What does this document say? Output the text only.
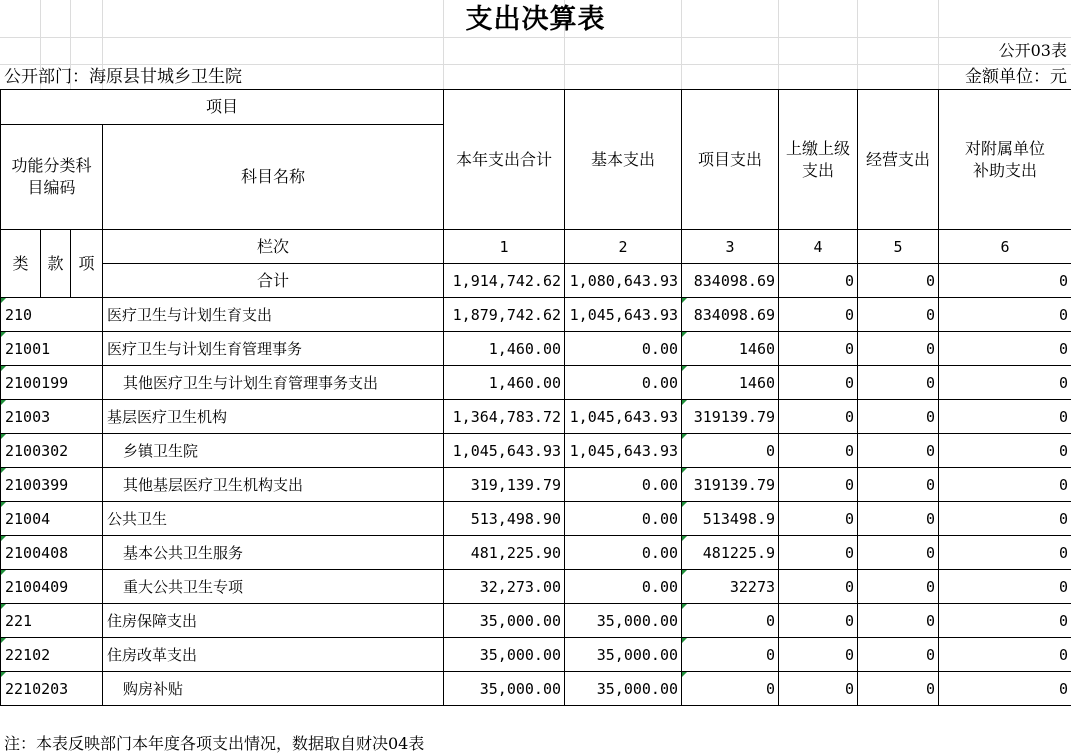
支出决算表
公开03表
公开部门：海原县甘城乡卫生院	金额单位：元
项目				本年支出合计	基本支出	项目支出	上缴上级支出	经营支出	对附属单位补助支出
功能分类科目编码			科目名称						
类	款	项	栏次	1	2	3	4	5	6
			合计	1,914,742.62	1,080,643.93	834098.69	0	0	0
210			医疗卫生与计划生育支出	1,879,742.62	1,045,643.93	834098.69	0	0	0
21001			医疗卫生与计划生育管理事务	1,460.00	0.00	1460	0	0	0
2100199			其他医疗卫生与计划生育管理事务支出	1,460.00	0.00	1460	0	0	0
21003			基层医疗卫生机构	1,364,783.72	1,045,643.93	319139.79	0	0	0
2100302			乡镇卫生院	1,045,643.93	1,045,643.93	0	0	0	0
2100399			其他基层医疗卫生机构支出	319,139.79	0.00	319139.79	0	0	0
21004			公共卫生	513,498.90	0.00	513498.9	0	0	0
2100408			基本公共卫生服务	481,225.90	0.00	481225.9	0	0	0
2100409			重大公共卫生专项	32,273.00	0.00	32273	0	0	0
221			住房保障支出	35,000.00	35,000.00	0	0	0	0
22102			住房改革支出	35,000.00	35,000.00	0	0	0	0
2210203			购房补贴	35,000.00	35,000.00	0	0	0	0
注：本表反映部门本年度各项支出情况，数据取自财决04表
